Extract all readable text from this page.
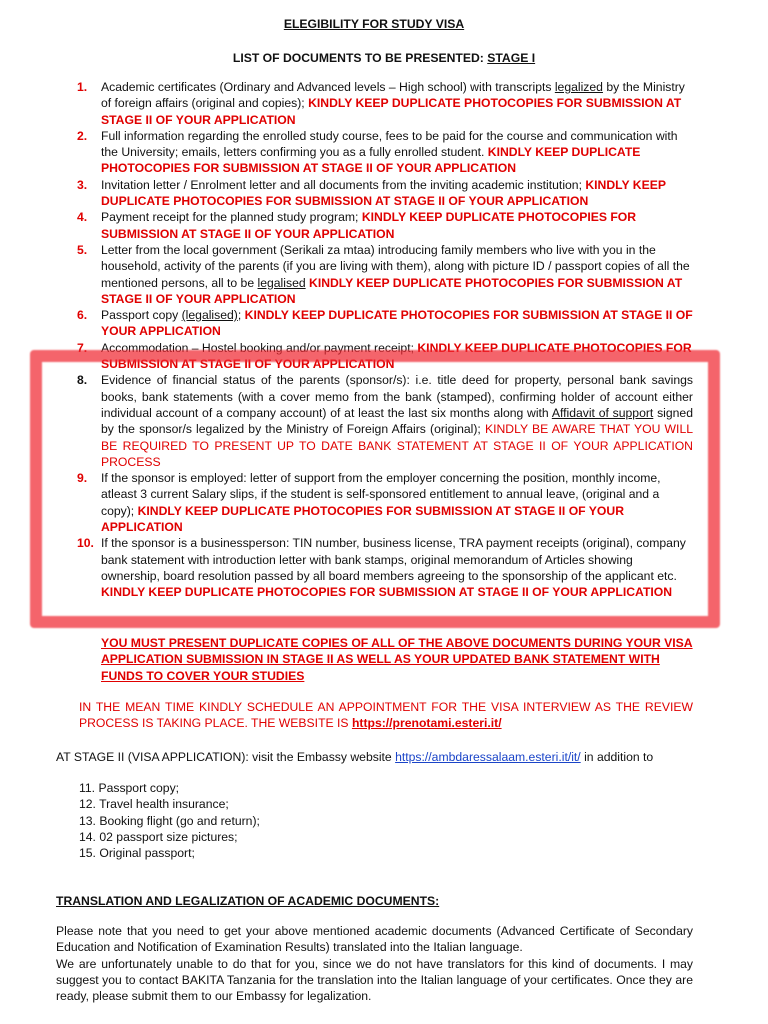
ELEGIBILITY FOR STUDY VISA
LIST OF DOCUMENTS TO BE PRESENTED: STAGE I
1. Academic certificates (Ordinary and Advanced levels – High school) with transcripts legalized by the Ministry of foreign affairs (original and copies); KINDLY KEEP DUPLICATE PHOTOCOPIES FOR SUBMISSION AT STAGE II OF YOUR APPLICATION
2. Full information regarding the enrolled study course, fees to be paid for the course and communication with the University; emails, letters confirming you as a fully enrolled student. KINDLY KEEP DUPLICATE PHOTOCOPIES FOR SUBMISSION AT STAGE II OF YOUR APPLICATION
3. Invitation letter / Enrolment letter and all documents from the inviting academic institution; KINDLY KEEP DUPLICATE PHOTOCOPIES FOR SUBMISSION AT STAGE II OF YOUR APPLICATION
4. Payment receipt for the planned study program; KINDLY KEEP DUPLICATE PHOTOCOPIES FOR SUBMISSION AT STAGE II OF YOUR APPLICATION
5. Letter from the local government (Serikali za mtaa) introducing family members who live with you in the household, activity of the parents (if you are living with them), along with picture ID / passport copies of all the mentioned persons, all to be legalised KINDLY KEEP DUPLICATE PHOTOCOPIES FOR SUBMISSION AT STAGE II OF YOUR APPLICATION
6. Passport copy (legalised); KINDLY KEEP DUPLICATE PHOTOCOPIES FOR SUBMISSION AT STAGE II OF YOUR APPLICATION
7. Accommodation – Hostel booking and/or payment receipt; KINDLY KEEP DUPLICATE PHOTOCOPIES FOR SUBMISSION AT STAGE II OF YOUR APPLICATION
8. Evidence of financial status of the parents (sponsor/s): i.e. title deed for property, personal bank savings books, bank statements (with a cover memo from the bank (stamped), confirming holder of account either individual account of a company account) of at least the last six months along with Affidavit of support signed by the sponsor/s legalized by the Ministry of Foreign Affairs (original); KINDLY BE AWARE THAT YOU WILL BE REQUIRED TO PRESENT UP TO DATE BANK STATEMENT AT STAGE II OF YOUR APPLICATION PROCESS
9. If the sponsor is employed: letter of support from the employer concerning the position, monthly income, atleast 3 current Salary slips, if the student is self-sponsored entitlement to annual leave, (original and a copy); KINDLY KEEP DUPLICATE PHOTOCOPIES FOR SUBMISSION AT STAGE II OF YOUR APPLICATION
10. If the sponsor is a businessperson: TIN number, business license, TRA payment receipts (original), company bank statement with introduction letter with bank stamps, original memorandum of Articles showing ownership, board resolution passed by all board members agreeing to the sponsorship of the applicant etc. KINDLY KEEP DUPLICATE PHOTOCOPIES FOR SUBMISSION AT STAGE II OF YOUR APPLICATION
YOU MUST PRESENT DUPLICATE COPIES OF ALL OF THE ABOVE DOCUMENTS DURING YOUR VISA APPLICATION SUBMISSION IN STAGE II AS WELL AS YOUR UPDATED BANK STATEMENT WITH FUNDS TO COVER YOUR STUDIES
IN THE MEAN TIME KINDLY SCHEDULE AN APPOINTMENT FOR THE VISA INTERVIEW AS THE REVIEW PROCESS IS TAKING PLACE. THE WEBSITE IS https://prenotami.esteri.it/
AT STAGE II (VISA APPLICATION): visit the Embassy website https://ambdaressalaam.esteri.it/it/ in addition to
11. Passport copy;
12. Travel health insurance;
13. Booking flight (go and return);
14. 02 passport size pictures;
15. Original passport;
TRANSLATION AND LEGALIZATION OF ACADEMIC DOCUMENTS:
Please note that you need to get your above mentioned academic documents (Advanced Certificate of Secondary Education and Notification of Examination Results) translated into the Italian language.
We are unfortunately unable to do that for you, since we do not have translators for this kind of documents. I may suggest you to contact BAKITA Tanzania for the translation into the Italian language of your certificates. Once they are ready, please submit them to our Embassy for legalization.
